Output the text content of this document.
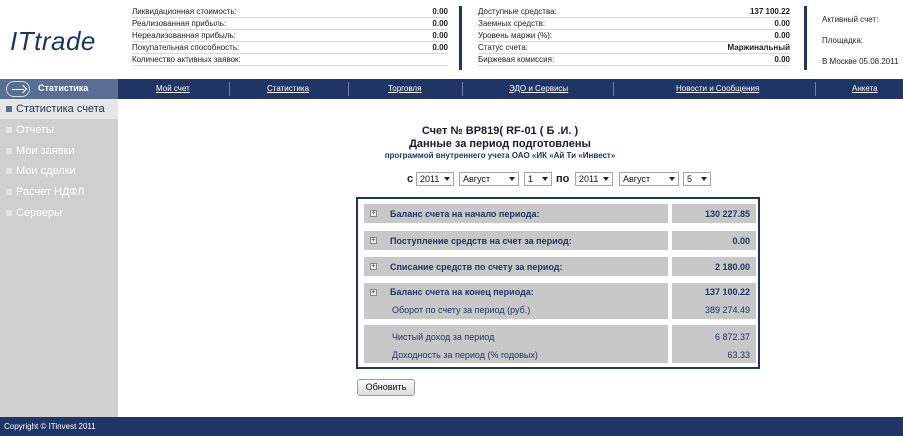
ITtrade
Ликвидационная стоимость:	0.00
Реализованная прибыль:	0.00
Нереализованная прибыль:	0.00
Покупательная способность:	0.00
Количество активных заявок:
Доступные средства:	137 100.22
Заемных средств:	0.00
Уровень маржи (%):	0.00
Статус счета:	Маржинальный
Биржевая комиссия:	0.00
Активный счет:
Площадка:
В Москве 05.08.2011
Статистика	Мой счет	Статистика	Торговля	ЭДО и Сервисы	Новости и Сообщения	Анкета
Статистика счета
Отчеты
Мои заявки
Мои сделки
Расчет НДФЛ
Серверы
Счет № ВР819( RF-01 ( Б .И. )
Данные за период подготовлены
программой внутреннего учета ОАО «ИК «Ай Ти «Инвест»
с 2011	Август	1	по	2011	Август	5
+ Баланс счета на начало периода:	130 227.85
+ Поступление средств на счет за период:	0.00
+ Списание средств по счету за период:	2 180.00
+ Баланс счета на конец периода:	137 100.22
Оборот по счету за период (руб.)	389 274.49
Чистый доход за период	6 872.37
Доходность за период (% годовых)	63.33
Обновить
Copyright © ITinvest 2011
